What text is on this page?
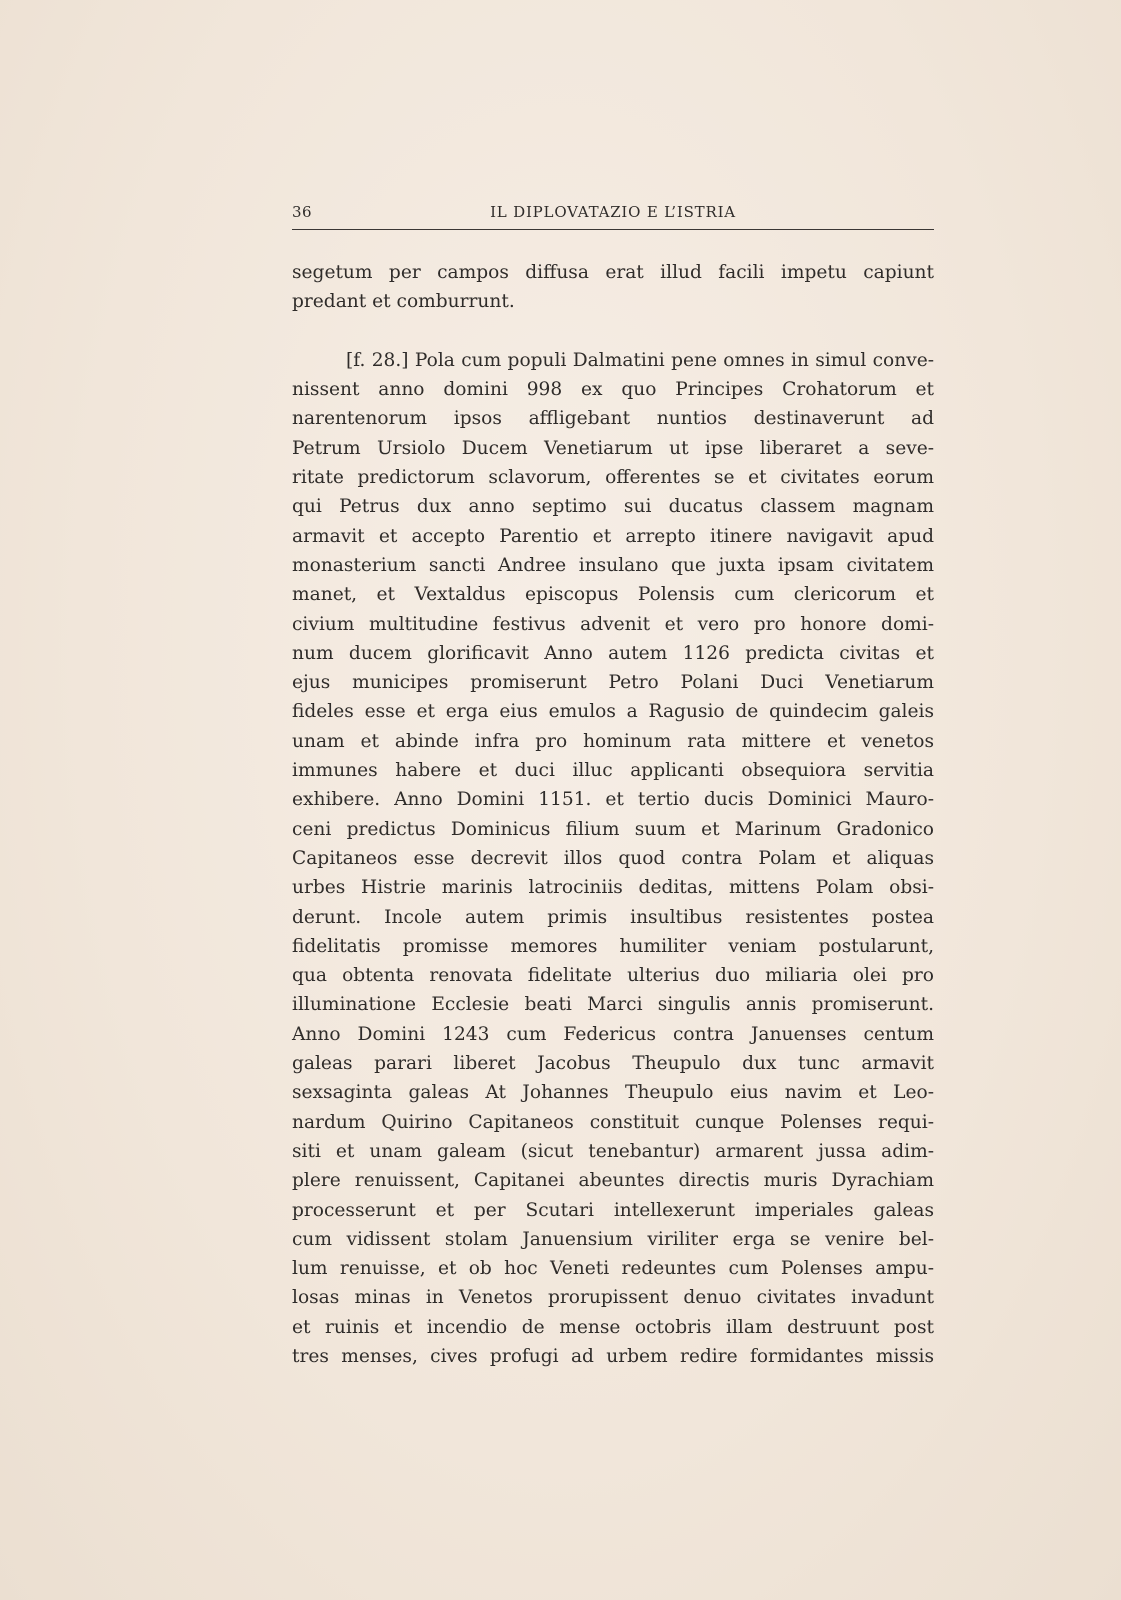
36	IL DIPLOVATAZIO E L’ISTRIA
segetum per campos diffusa erat illud facili impetu capiunt
predant et comburrunt.
[f. 28.] Pola cum populi Dalmatini pene omnes in simul conve-
nissent anno domini 998 ex quo Principes Crohatorum et
narentenorum ipsos affligebant nuntios destinaverunt ad
Petrum Ursiolo Ducem Venetiarum ut ipse liberaret a seve-
ritate predictorum sclavorum, offerentes se et civitates eorum
qui Petrus dux anno septimo sui ducatus classem magnam
armavit et accepto Parentio et arrepto itinere navigavit apud
monasterium sancti Andree insulano que juxta ipsam civitatem
manet, et Vextaldus episcopus Polensis cum clericorum et
civium multitudine festivus advenit et vero pro honore domi-
num ducem glorificavit Anno autem 1126 predicta civitas et
ejus municipes promiserunt Petro Polani Duci Venetiarum
fideles esse et erga eius emulos a Ragusio de quindecim galeis
unam et abinde infra pro hominum rata mittere et venetos
immunes habere et duci illuc applicanti obsequiora servitia
exhibere. Anno Domini 1151. et tertio ducis Dominici Mauro-
ceni predictus Dominicus filium suum et Marinum Gradonico
Capitaneos esse decrevit illos quod contra Polam et aliquas
urbes Histrie marinis latrociniis deditas, mittens Polam obsi-
derunt. Incole autem primis insultibus resistentes postea
fidelitatis promisse memores humiliter veniam postularunt,
qua obtenta renovata fidelitate ulterius duo miliaria olei pro
illuminatione Ecclesie beati Marci singulis annis promiserunt.
Anno Domini 1243 cum Federicus contra Januenses centum
galeas parari liberet Jacobus Theupulo dux tunc armavit
sexsaginta galeas At Johannes Theupulo eius navim et Leo-
nardum Quirino Capitaneos constituit cunque Polenses requi-
siti et unam galeam (sicut tenebantur) armarent jussa adim-
plere renuissent, Capitanei abeuntes directis muris Dyrachiam
processerunt et per Scutari intellexerunt imperiales galeas
cum vidissent stolam Januensium viriliter erga se venire bel-
lum renuisse, et ob hoc Veneti redeuntes cum Polenses ampu-
losas minas in Venetos prorupissent denuo civitates invadunt
et ruinis et incendio de mense octobris illam destruunt post
tres menses, cives profugi ad urbem redire formidantes missis
